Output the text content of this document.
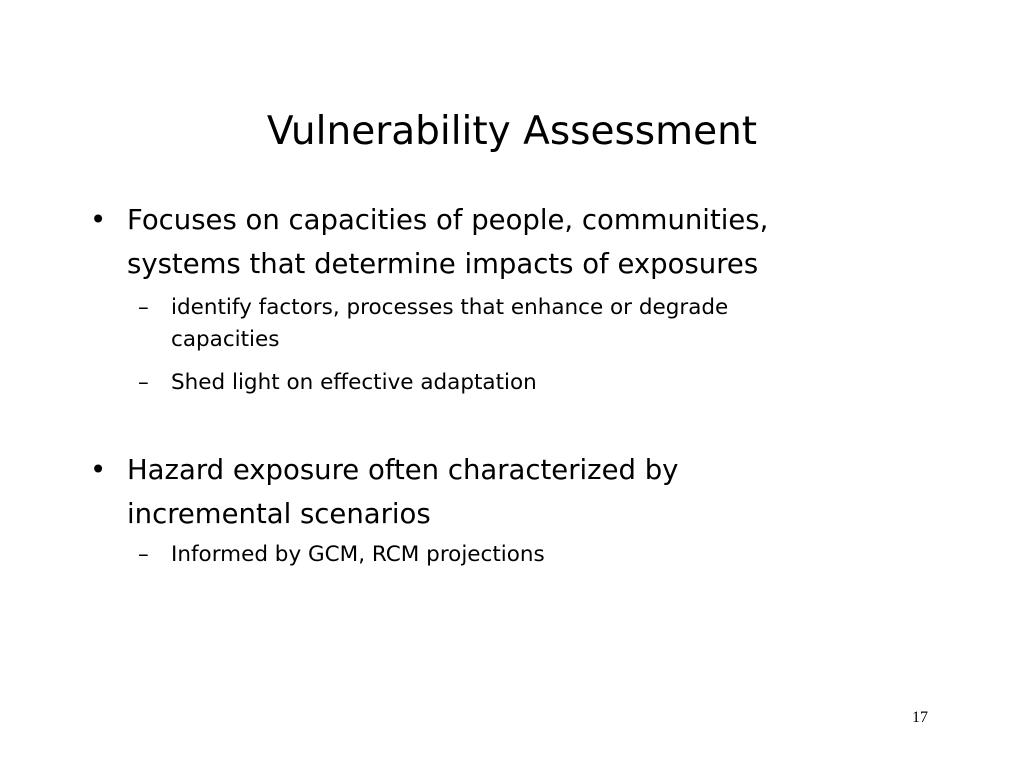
Vulnerability Assessment
• Focuses on capacities of people, communities,
systems that determine impacts of exposures
–	identify factors, processes that enhance or degrade
capacities
–	Shed light on effective adaptation
• Hazard exposure often characterized by
incremental scenarios
–	Informed by GCM, RCM projections
17
